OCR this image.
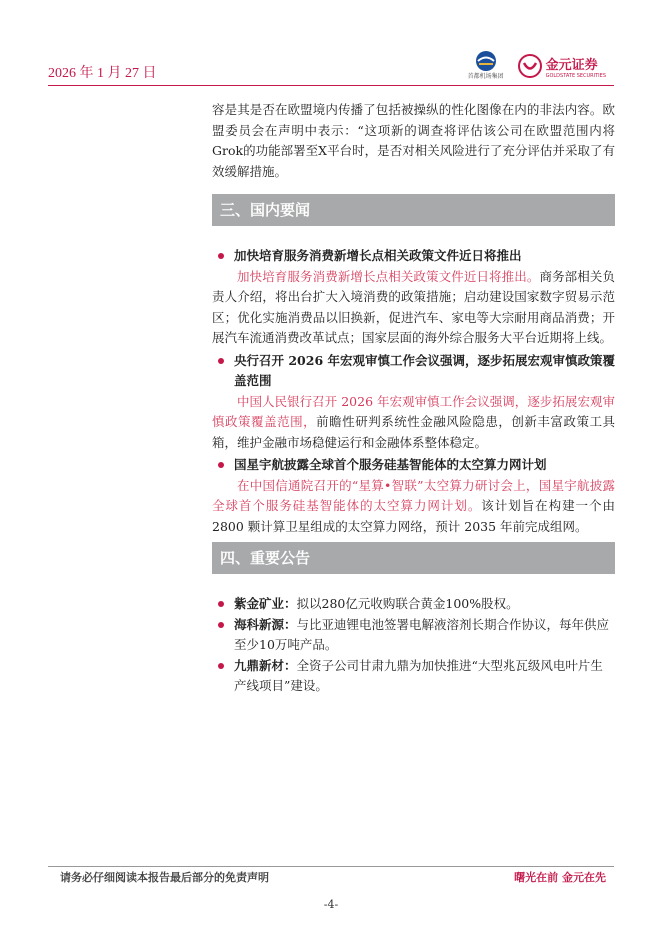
2026 年 1 月 27 日	首都机场集团
金元证券
GOLDSTATE SECURITIES

容是其是否在欧盟境内传播了包括被操纵的性化图像在内的非法内容。欧盟委员会在声明中表示：“这项新的调查将评估该公司在欧盟范围内将Grok的功能部署至X平台时，是否对相关风险进行了充分评估并采取了有效缓解措施。

三、国内要闻
加快培育服务消费新增长点相关政策文件近日将推出

加快培育服务消费新增长点相关政策文件近日将推出。商务部相关负责人介绍，将出台扩大入境消费的政策措施；启动建设国家数字贸易示范区；优化实施消费品以旧换新，促进汽车、家电等大宗耐用商品消费；开展汽车流通消费改革试点；国家层面的海外综合服务大平台近期将上线。

央行召开 2026 年宏观审慎工作会议强调，逐步拓展宏观审慎政策覆盖范围

中国人民银行召开 2026 年宏观审慎工作会议强调，逐步拓展宏观审慎政策覆盖范围，前瞻性研判系统性金融风险隐患，创新丰富政策工具箱，维护金融市场稳健运行和金融体系整体稳定。

国星宇航披露全球首个服务硅基智能体的太空算力网计划

在中国信通院召开的“星算•智联”太空算力研讨会上，国星宇航披露全球首个服务硅基智能体的太空算力网计划。该计划旨在构建一个由 2800 颗计算卫星组成的太空算力网络，预计 2035 年前完成组网。

四、重要公告
紫金矿业：拟以280亿元收购联合黄金100%股权。
海科新源：与比亚迪锂电池签署电解液溶剂长期合作协议，每年供应至少10万吨产品。
九鼎新材：全资子公司甘肃九鼎为加快推进“大型兆瓦级风电叶片生产线项目”建设。
请务必仔细阅读本报告最后部分的免责声明	曙光在前 金元在先
-4-
